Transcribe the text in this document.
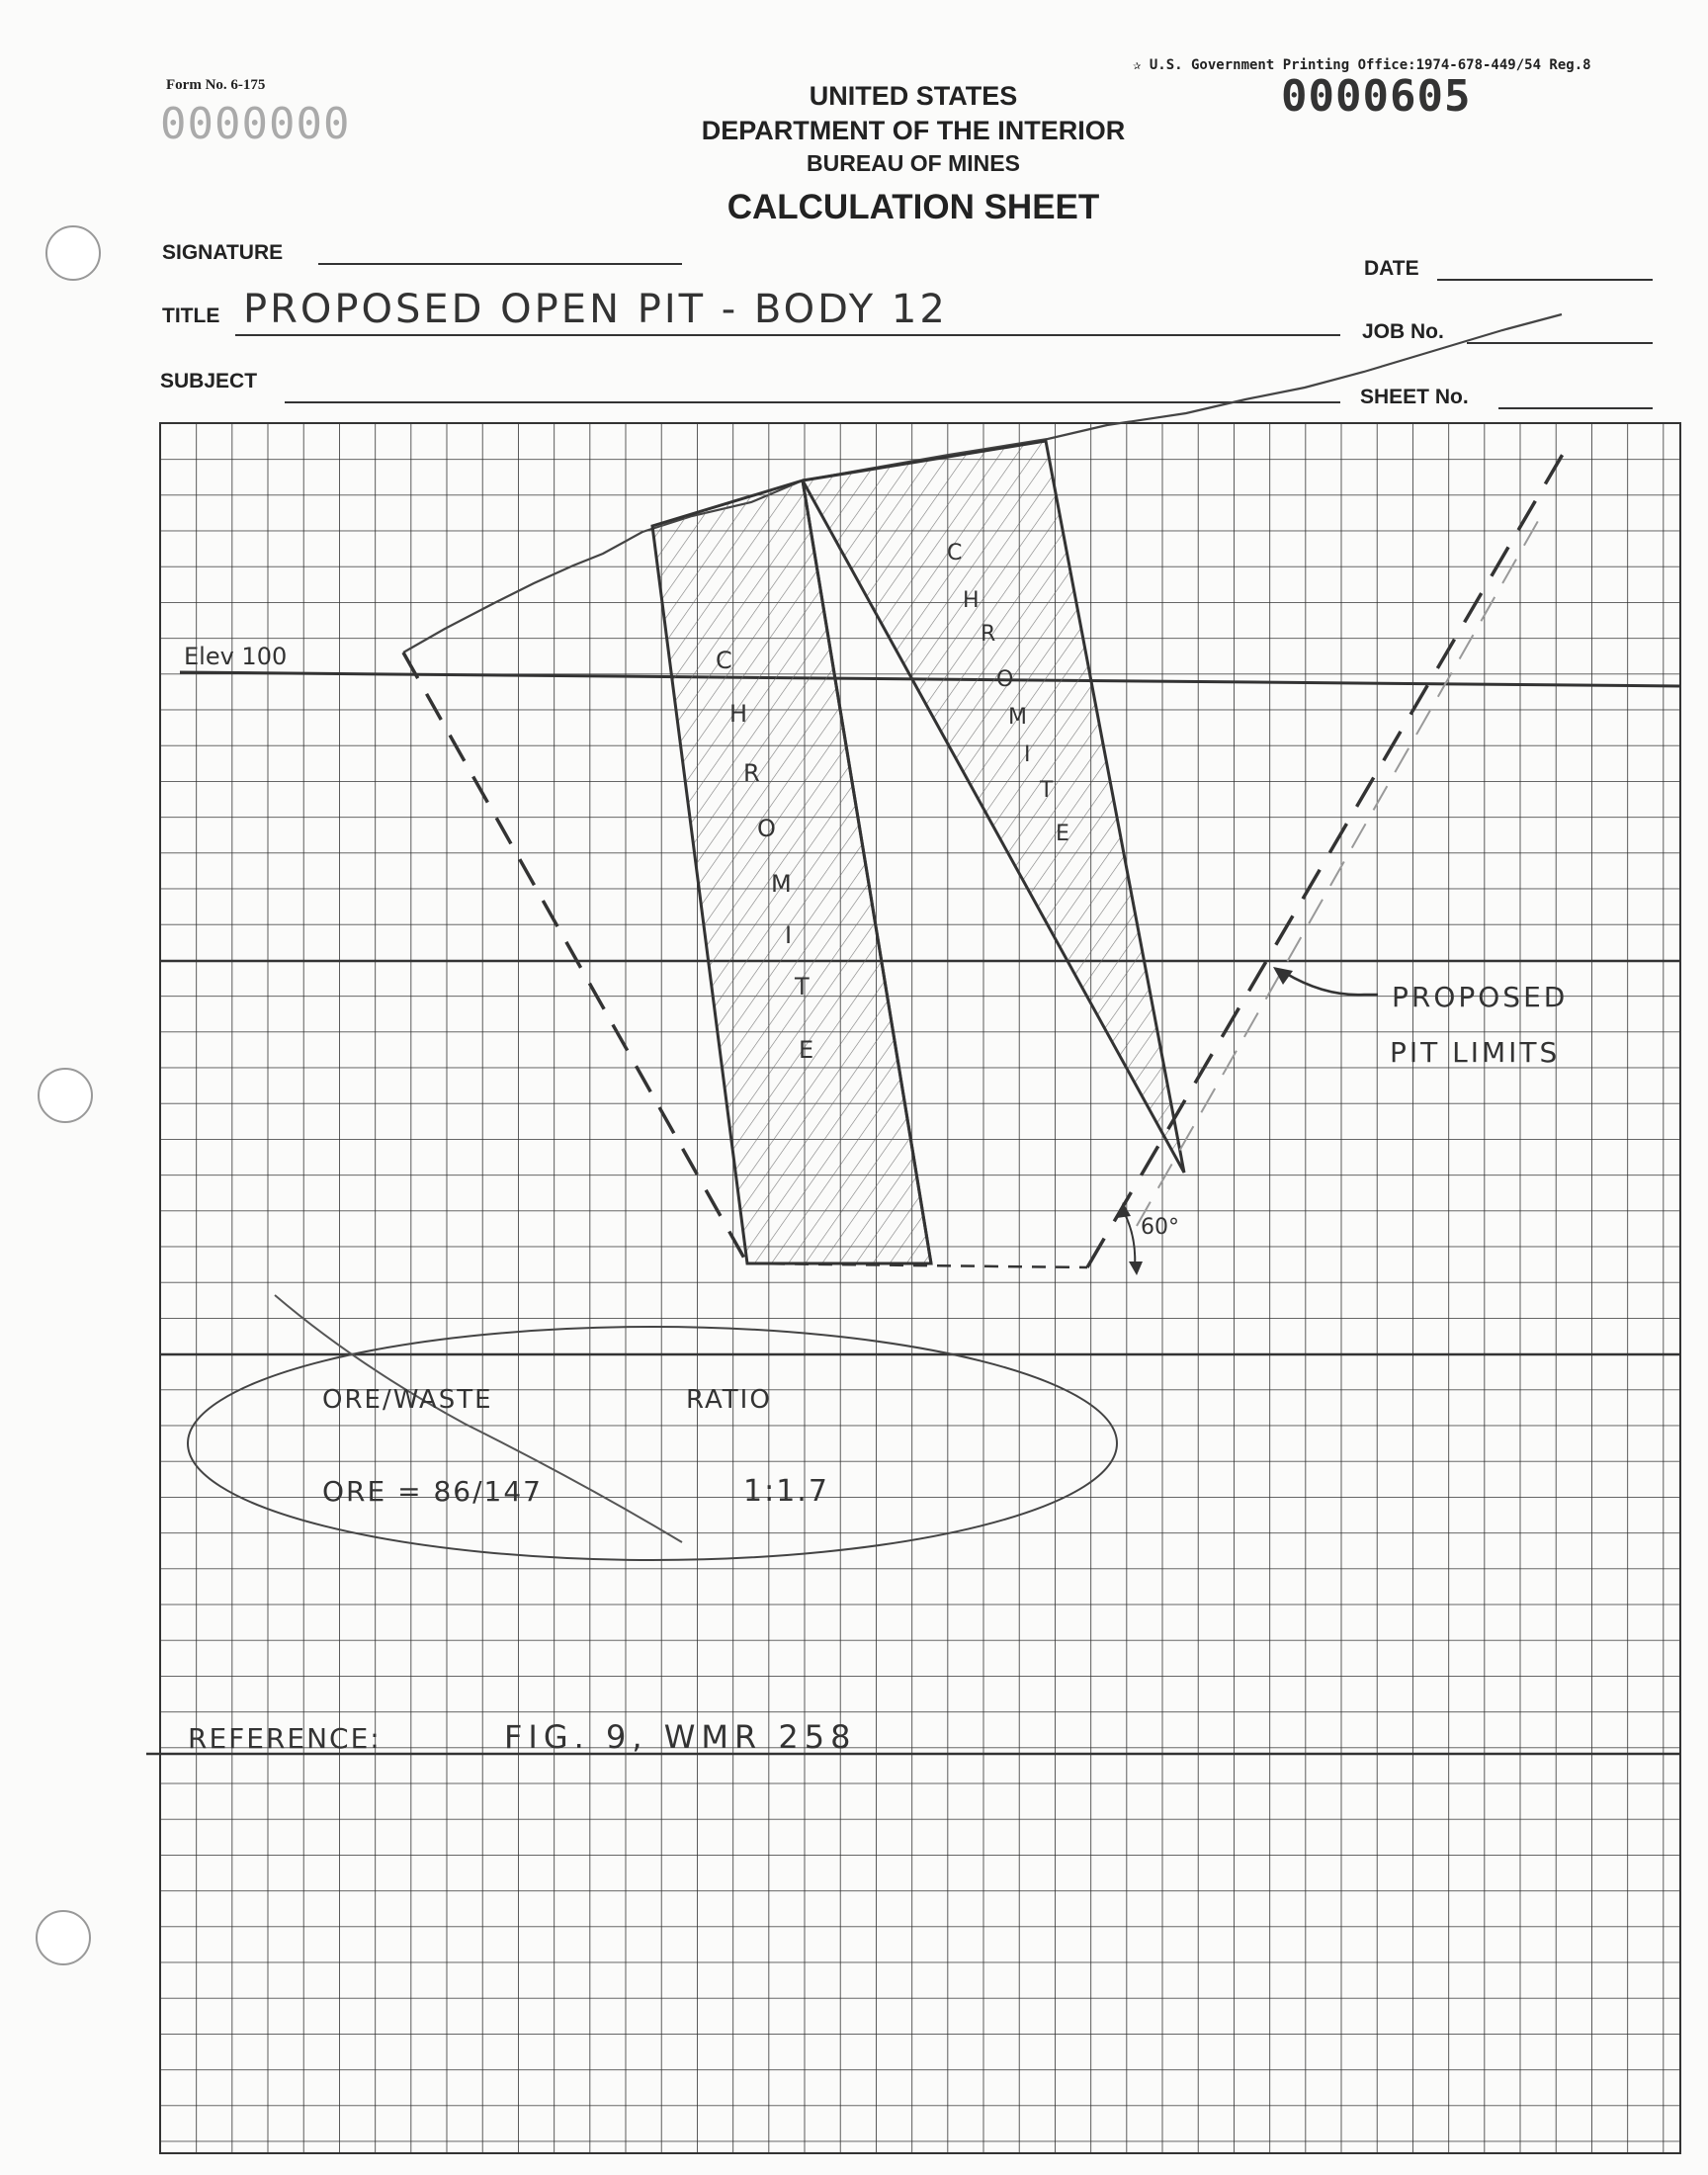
Form No. 6-175
0000000
✰ U.S. Government Printing Office:1974-678-449/54 Reg.8
0000605
UNITED STATES
DEPARTMENT OF THE INTERIOR
BUREAU OF MINES
CALCULATION SHEET
SIGNATURE
DATE
TITLE PROPOSED OPEN PIT - BODY 12	JOB No.
SUBJECT
SHEET No.
Elev 100	C
H
R
O
M
I
T
E
C
H
R
O
M
I
T
E
PROPOSED
PIT LIMITS
60°
ORE/WASTE	RATIO
ORE = 86/147	1:1.7
REFERENCE:	FIG. 9, WMR 258
